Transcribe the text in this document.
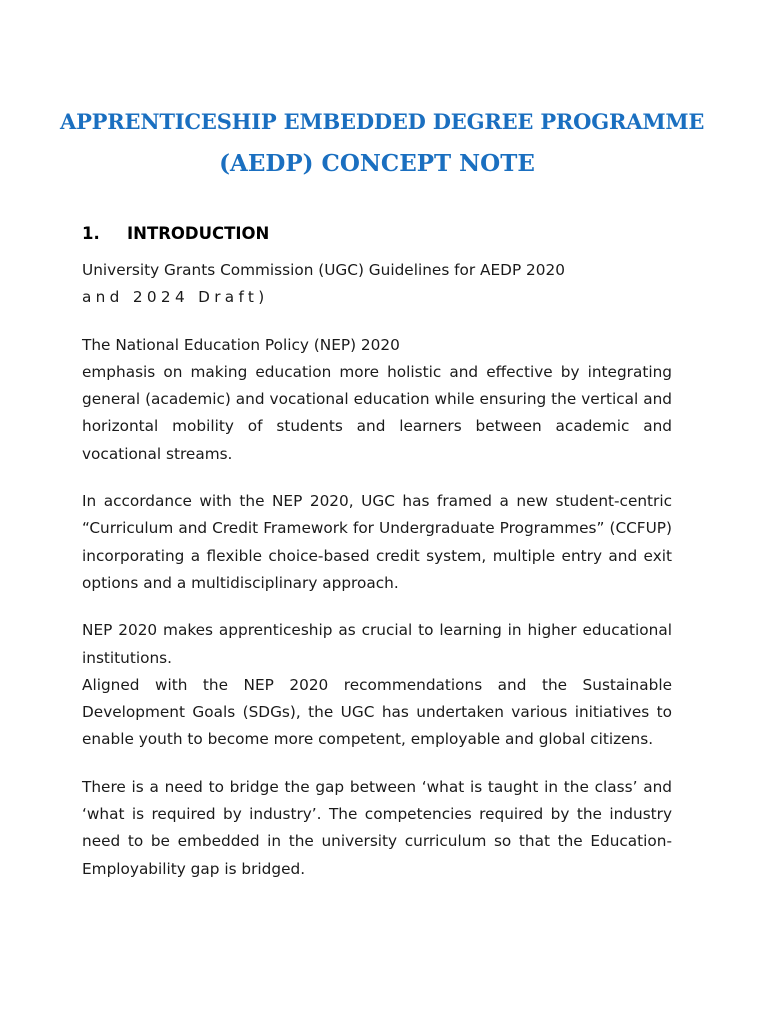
APPRENTICESHIP EMBEDDED DEGREE PROGRAMME
(AEDP) CONCEPT NOTE
1. INTRODUCTION

University Grants Commission (UGC) Guidelines for AEDP 2020

and 2024 Draft)

The National Education Policy (NEP) 2020

emphasis on making education more holistic and effective by integrating general (academic) and vocational education while ensuring the vertical and horizontal mobility of students and learners between academic and vocational streams.

In accordance with the NEP 2020, UGC has framed a new student-centric “Curriculum and Credit Framework for Undergraduate Programmes” (CCFUP) incorporating a flexible choice-based credit system, multiple entry and exit options and a multidisciplinary approach.

NEP 2020 makes apprenticeship as crucial to learning in higher educational institutions.

Aligned with the NEP 2020 recommendations and the Sustainable Development Goals (SDGs), the UGC has undertaken various initiatives to enable youth to become more competent, employable and global citizens.

There is a need to bridge the gap between ‘what is taught in the class’ and ‘what is required by industry’. The competencies required by the industry need to be embedded in the university curriculum so that the Education-Employability gap is bridged.
